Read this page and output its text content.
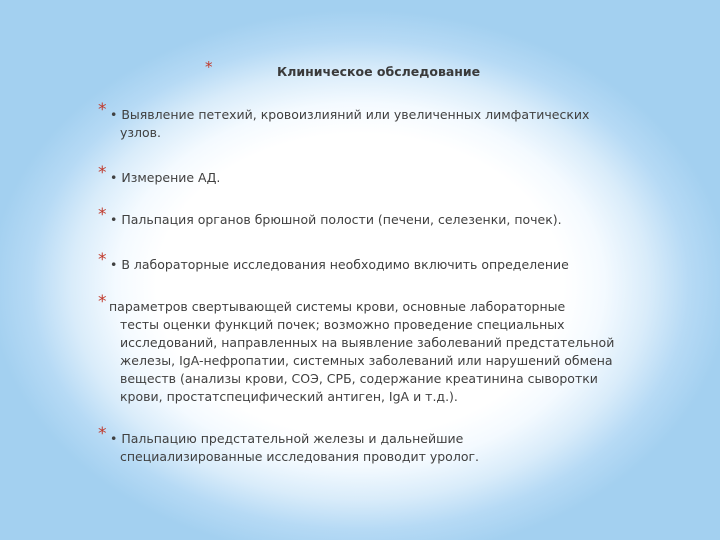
*	Клиническое обследование
* • Выявление петехий, кровоизлияний или увеличенных лимфатических
узлов.
* • Измерение АД.
* • Пальпация органов брюшной полости (печени, селезенки, почек).
* • В лабораторные исследования необходимо включить определение
* параметров свертывающей системы крови, основные лабораторные
тесты оценки функций почек; возможно проведение специальных
исследований, направленных на выявление заболеваний предстательной
железы, IgA-нефропатии, системных заболеваний или нарушений обмена
веществ (анализы крови, СОЭ, СРБ, содержание креатинина сыворотки
крови, простатспецифический антиген, IgA и т.д.).
* • Пальпацию предстательной железы и дальнейшие
специализированные исследования проводит уролог.
